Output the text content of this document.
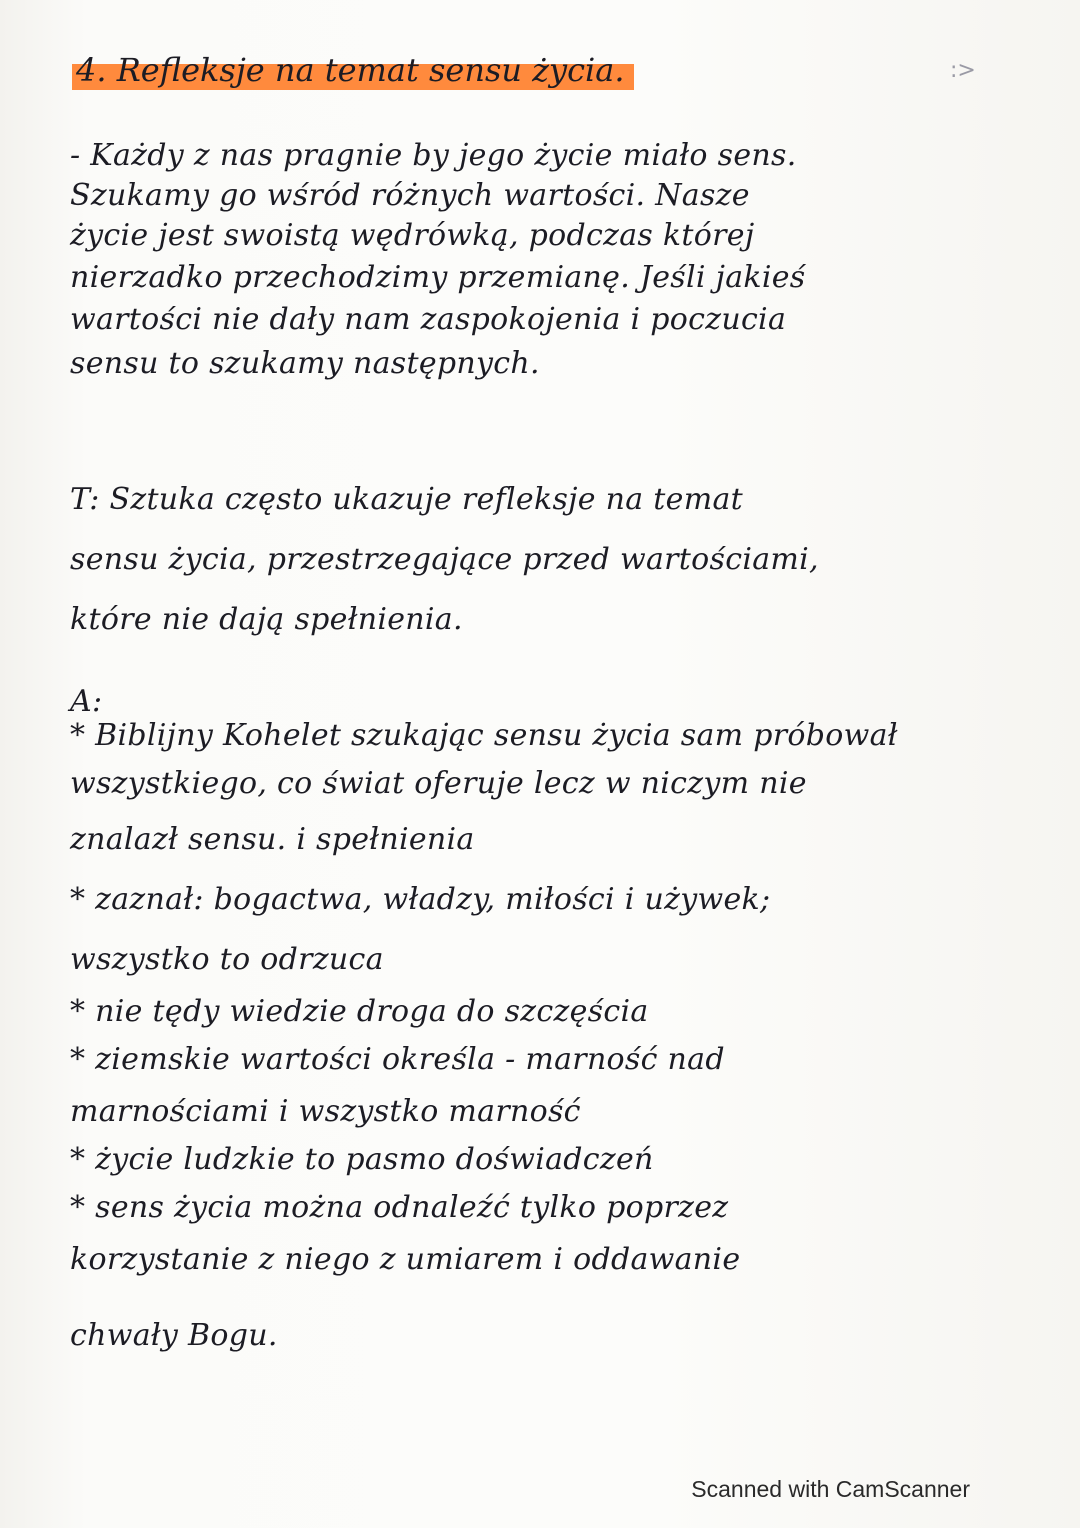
4. Refleksje na temat sensu życia.	:>
- Każdy z nas pragnie by jego życie miało sens.
Szukamy go wśród różnych wartości. Nasze
życie jest swoistą wędrówką, podczas której
nierzadko przechodzimy przemianę. Jeśli jakieś
wartości nie dały nam zaspokojenia i poczucia
sensu to szukamy następnych.
T: Sztuka często ukazuje refleksje na temat
sensu życia, przestrzegające przed wartościami,
które nie dają spełnienia.
A:
* Biblijny Kohelet szukając sensu życia sam próbował
wszystkiego, co świat oferuje lecz w niczym nie
znalazł sensu. i spełnienia
* zaznał: bogactwa, władzy, miłości i używek;
wszystko to odrzuca
* nie tędy wiedzie droga do szczęścia
* ziemskie wartości określa - marność nad
marnościami i wszystko marność
* życie ludzkie to pasmo doświadczeń
* sens życia można odnaleźć tylko poprzez
korzystanie z niego z umiarem i oddawanie
chwały Bogu.
Scanned with CamScanner
